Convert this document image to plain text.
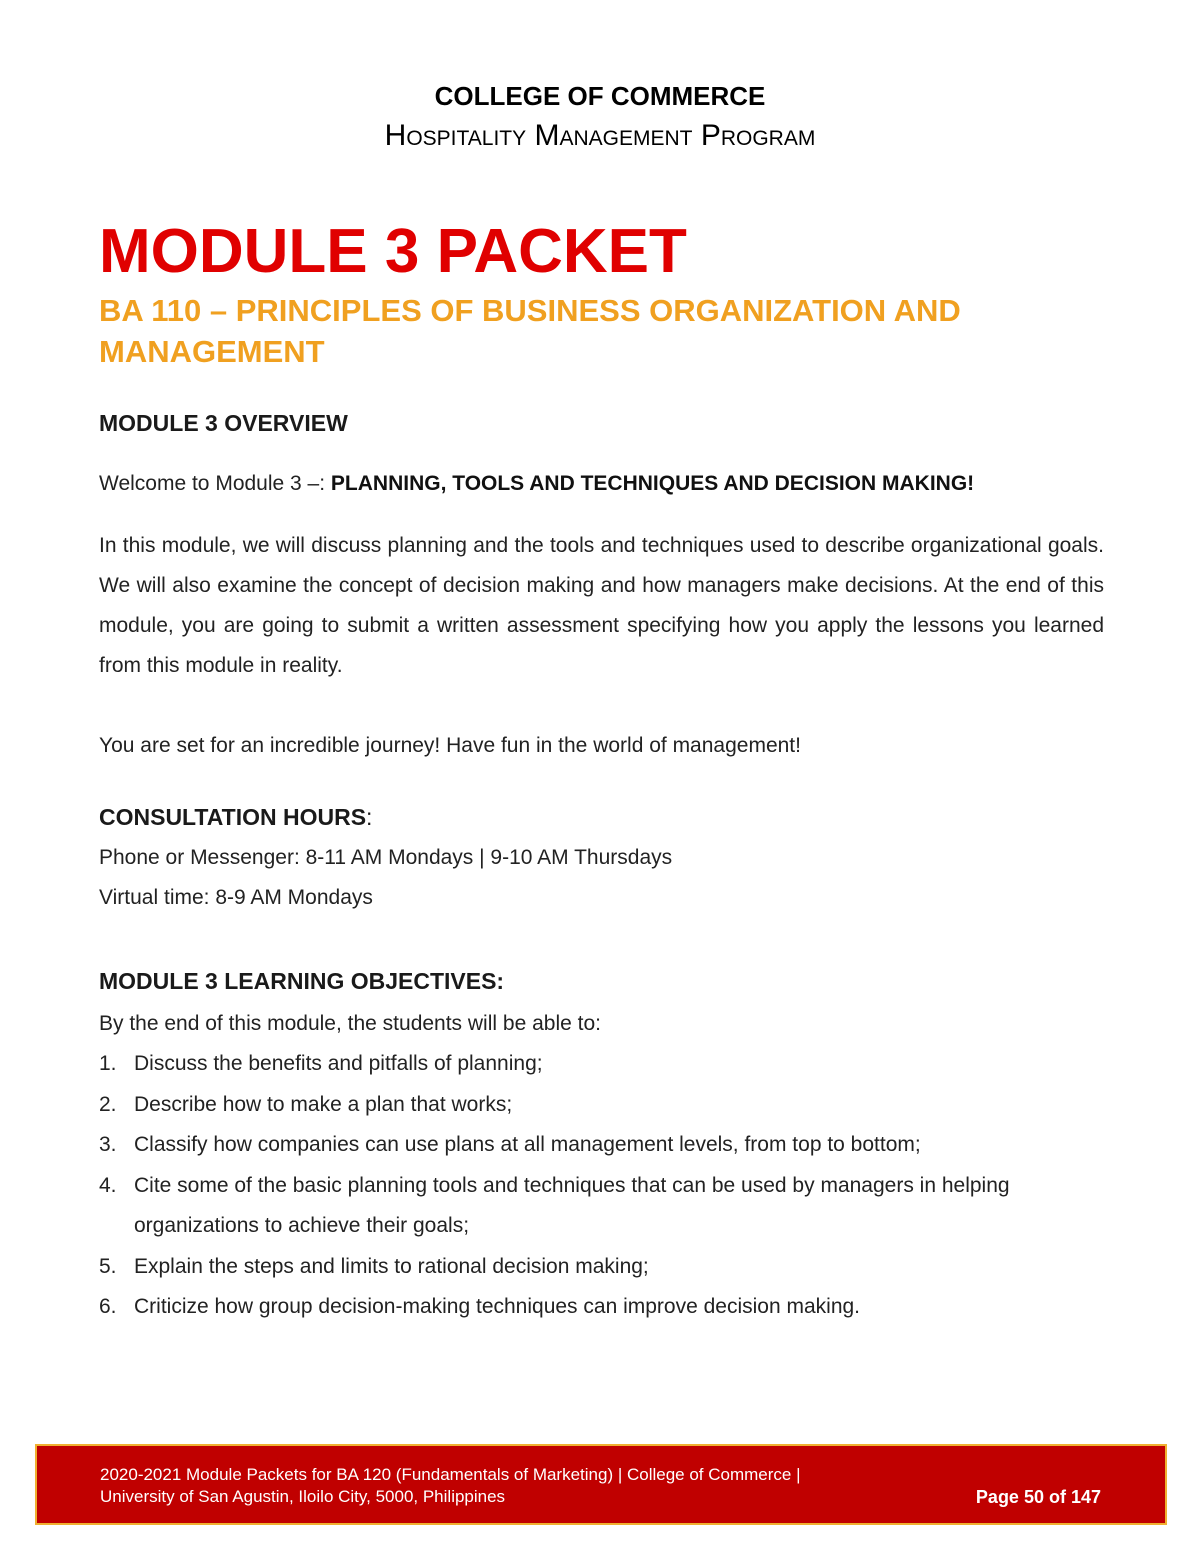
COLLEGE OF COMMERCE
Hospitality Management Program
MODULE 3 PACKET
BA 110 – PRINCIPLES OF BUSINESS ORGANIZATION AND MANAGEMENT
MODULE 3 OVERVIEW

Welcome to Module 3 –: PLANNING, TOOLS AND TECHNIQUES AND DECISION MAKING!

In this module, we will discuss planning and the tools and techniques used to describe organizational goals. We will also examine the concept of decision making and how managers make decisions. At the end of this module, you are going to submit a written assessment specifying how you apply the lessons you learned from this module in reality.

You are set for an incredible journey! Have fun in the world of management!

CONSULTATION HOURS:

Phone or Messenger: 8-11 AM Mondays | 9-10 AM Thursdays

Virtual time: 8-9 AM Mondays

MODULE 3 LEARNING OBJECTIVES:

By the end of this module, the students will be able to:

1. Discuss the benefits and pitfalls of planning;
2. Describe how to make a plan that works;
3. Classify how companies can use plans at all management levels, from top to bottom;
4. Cite some of the basic planning tools and techniques that can be used by managers in helping organizations to achieve their goals;
5. Explain the steps and limits to rational decision making;
6. Criticize how group decision-making techniques can improve decision making.
2020-2021 Module Packets for BA 120 (Fundamentals of Marketing) | College of Commerce |
University of San Agustin, Iloilo City, 5000, Philippines	Page 50 of 147
